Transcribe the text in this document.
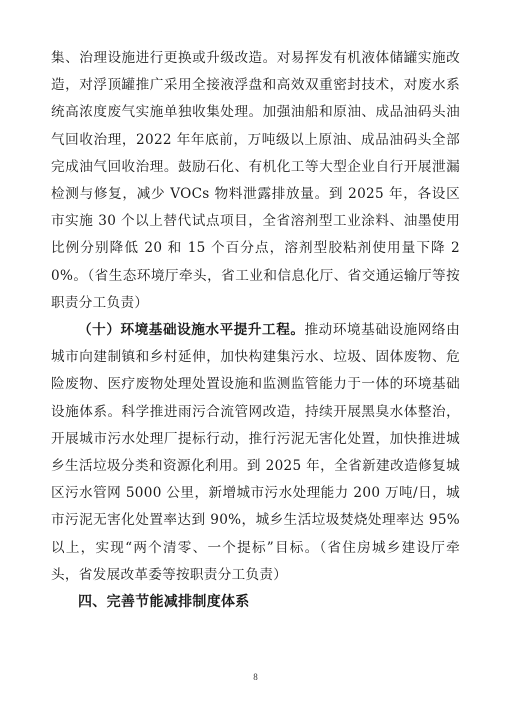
集、治理设施进行更换或升级改造。对易挥发有机液体储罐实施改造，对浮顶罐推广采用全接液浮盘和高效双重密封技术，对废水系统高浓度废气实施单独收集处理。加强油船和原油、成品油码头油气回收治理，2022 年年底前，万吨级以上原油、成品油码头全部完成油气回收治理。鼓励石化、有机化工等大型企业自行开展泄漏检测与修复，减少 VOCs 物料泄露排放量。到 2025 年，各设区市实施 30 个以上替代试点项目，全省溶剂型工业涂料、油墨使用比例分别降低 20 和 15 个百分点，溶剂型胶粘剂使用量下降 20%。（省生态环境厅牵头，省工业和信息化厅、省交通运输厅等按职责分工负责）

（十）环境基础设施水平提升工程。推动环境基础设施网络由城市向建制镇和乡村延伸，加快构建集污水、垃圾、固体废物、危险废物、医疗废物处理处置设施和监测监管能力于一体的环境基础设施体系。科学推进雨污合流管网改造，持续开展黑臭水体整治，开展城市污水处理厂提标行动，推行污泥无害化处置，加快推进城乡生活垃圾分类和资源化利用。到 2025 年，全省新建改造修复城区污水管网 5000 公里，新增城市污水处理能力 200 万吨/日，城市污泥无害化处置率达到 90%，城乡生活垃圾焚烧处理率达 95%以上，实现“两个清零、一个提标”目标。（省住房城乡建设厅牵头，省发展改革委等按职责分工负责）

四、完善节能减排制度体系

8
